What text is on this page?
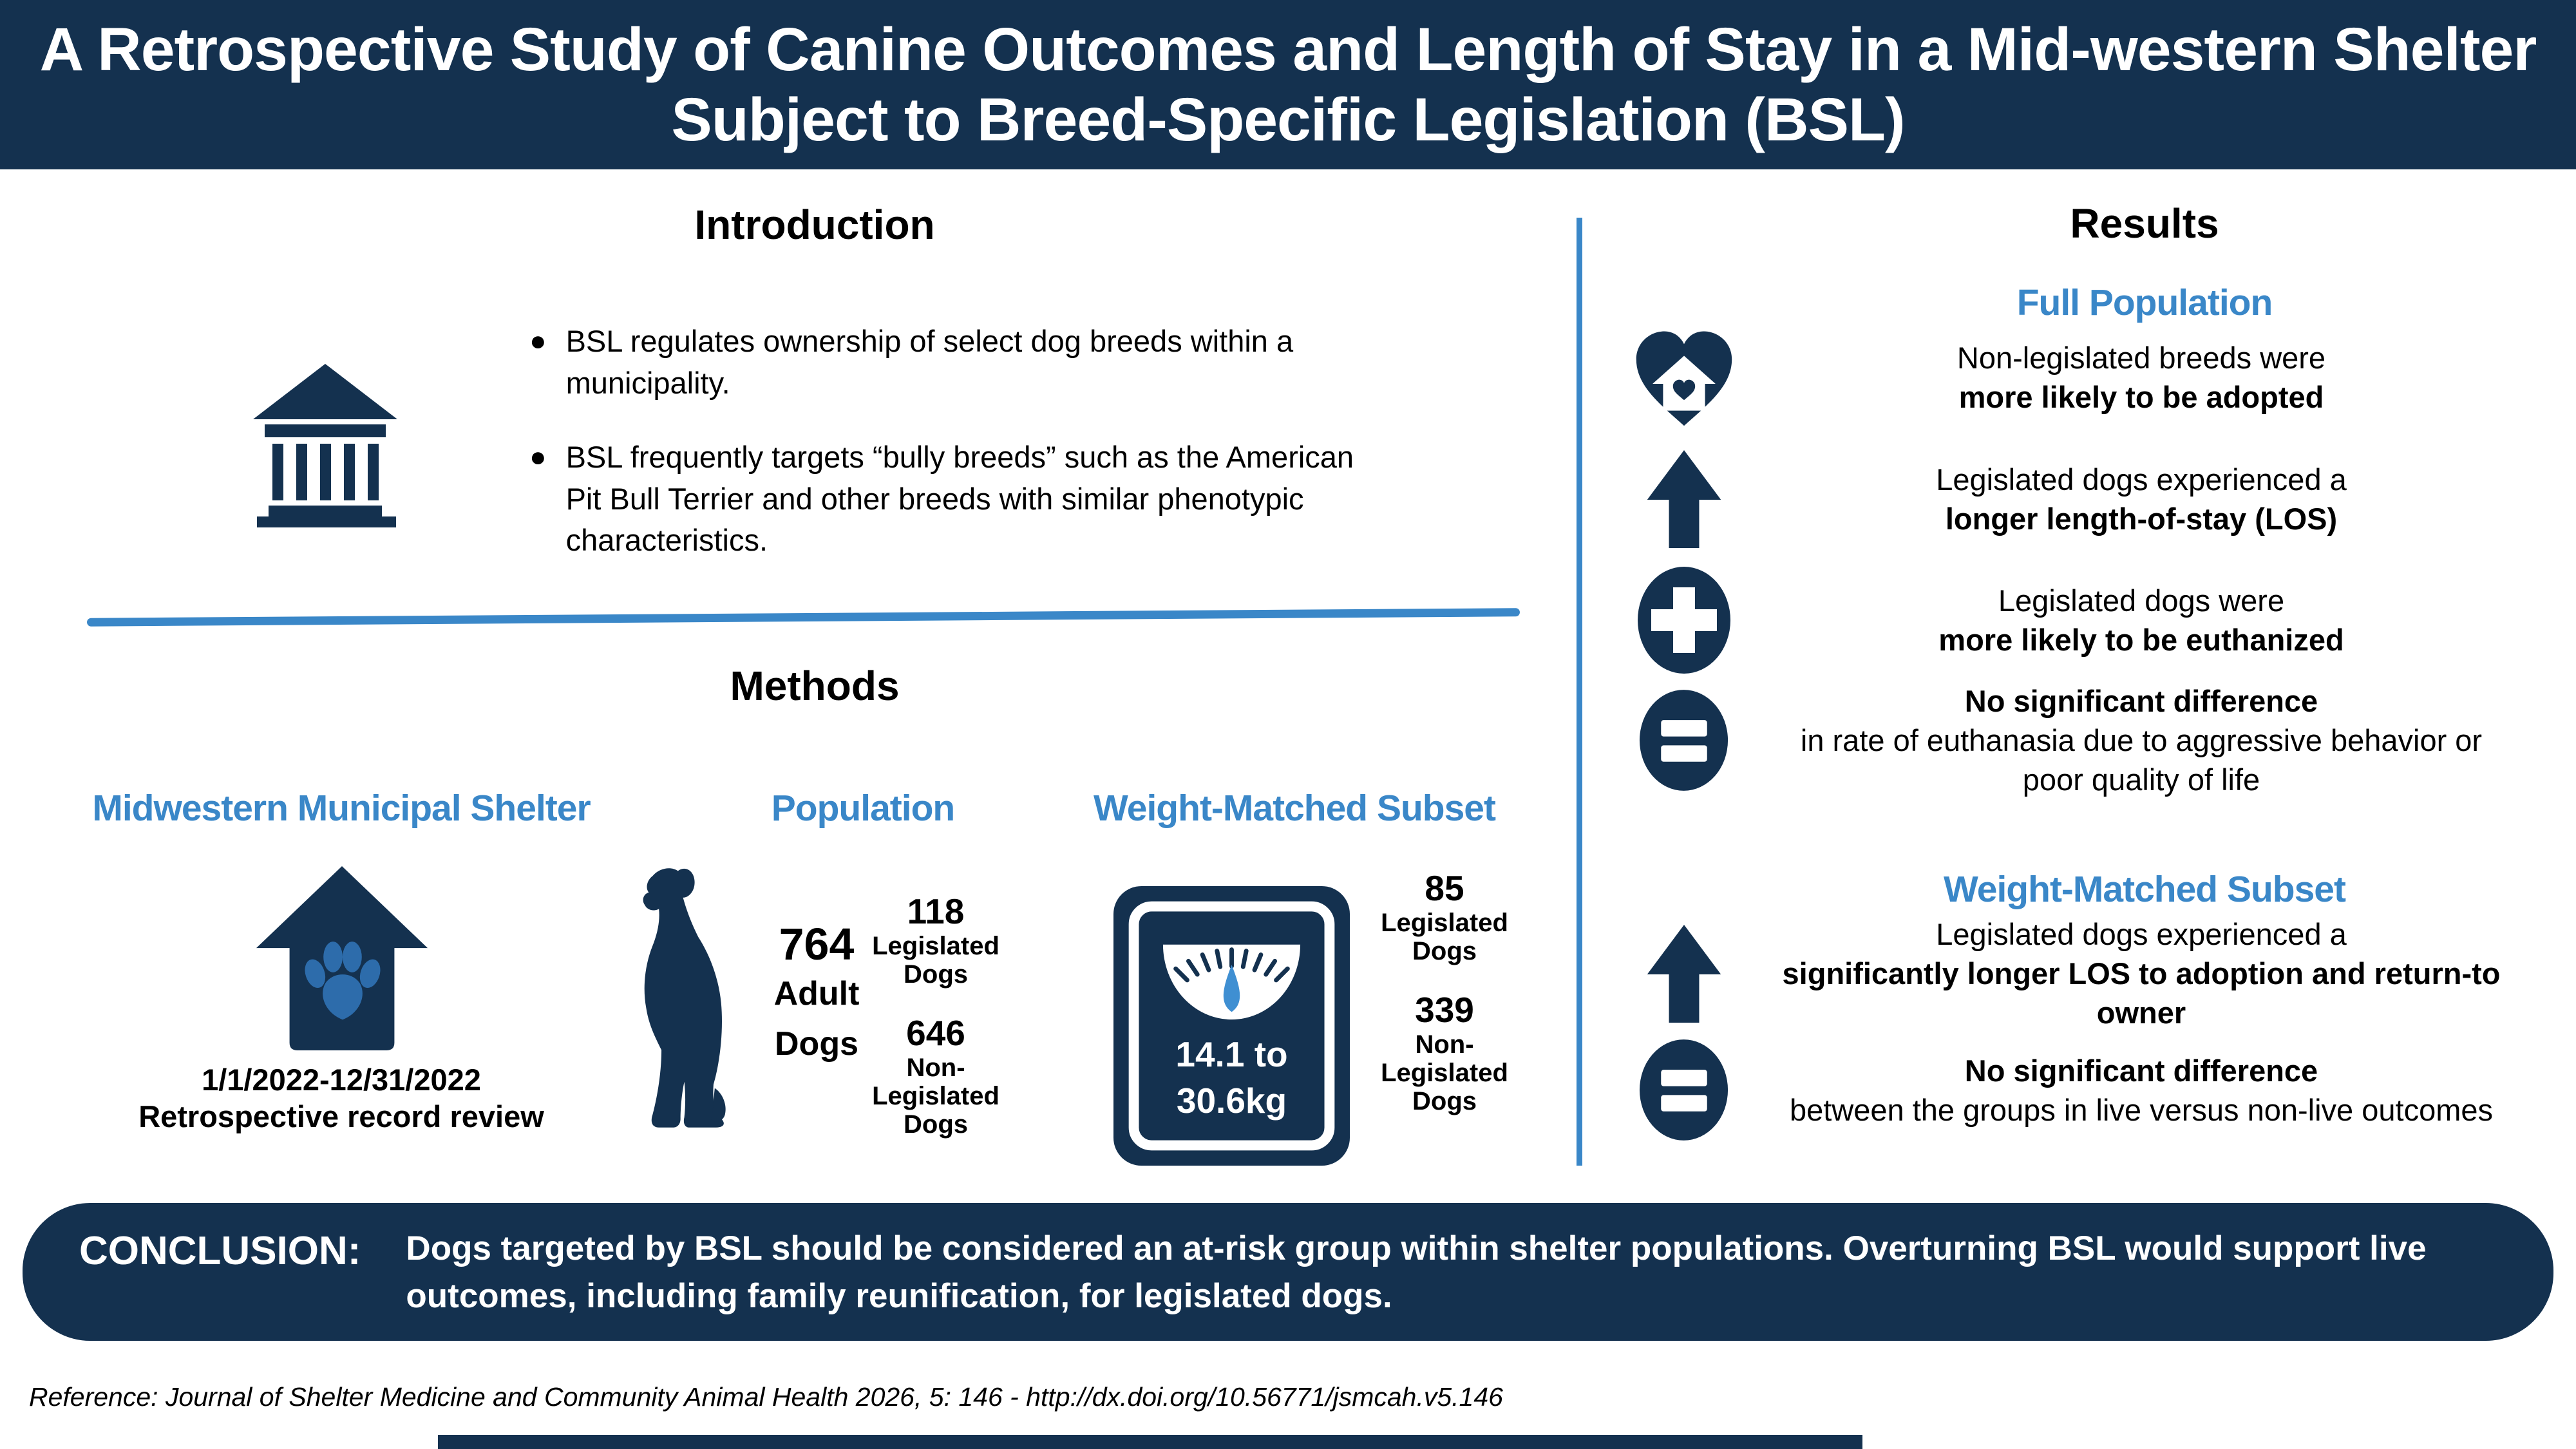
A Retrospective Study of Canine Outcomes and Length of Stay in a Mid-western Shelter
Subject to Breed-Specific Legislation (BSL)
Introduction
● BSL regulates ownership of select dog breeds within a municipality.
● BSL frequently targets “bully breeds” such as the American Pit Bull Terrier and other breeds with similar phenotypic characteristics.
Methods
Midwestern Municipal Shelter	Population	Weight-Matched Subset
1/1/2022-12/31/2022
Retrospective record review
764
Adult
Dogs
118
Legislated Dogs
646
Non-Legislated Dogs
14.1 to
30.6kg
85
Legislated Dogs
339
Non-Legislated Dogs
Results
Full Population
Non-legislated breeds were
more likely to be adopted
Legislated dogs experienced a
longer length-of-stay (LOS)
Legislated dogs were
more likely to be euthanized
No significant difference
in rate of euthanasia due to aggressive behavior or poor quality of life
Weight-Matched Subset
Legislated dogs experienced a
significantly longer LOS to adoption and return-to owner
No significant difference
between the groups in live versus non-live outcomes
CONCLUSION: Dogs targeted by BSL should be considered an at-risk group within shelter populations. Overturning BSL would support live outcomes, including family reunification, for legislated dogs.
Reference: Journal of Shelter Medicine and Community Animal Health 2026, 5: 146 - http://dx.doi.org/10.56771/jsmcah.v5.146
